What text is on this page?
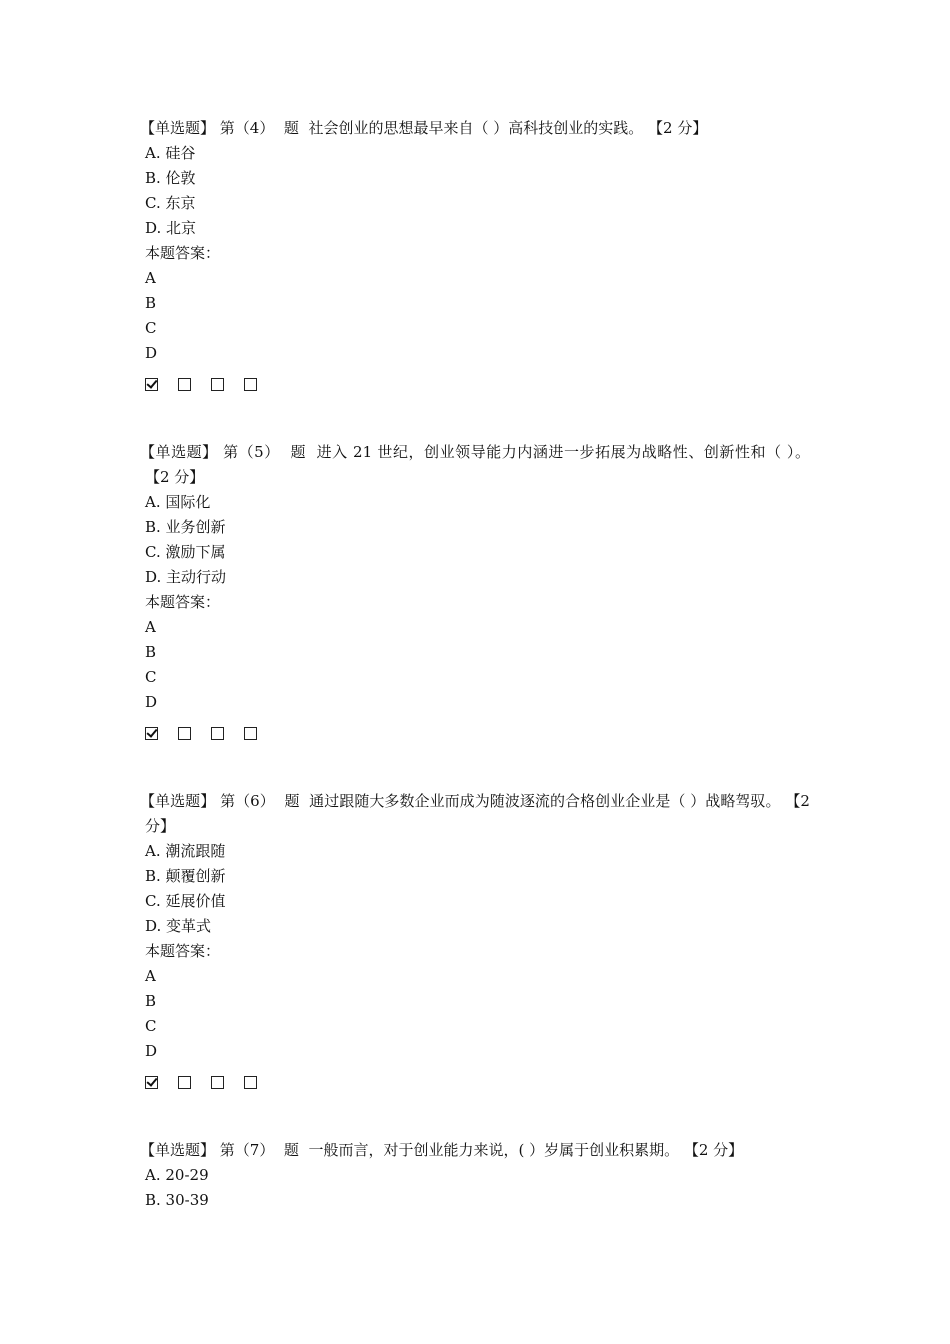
【单选题】 第（4） 题 社会创业的思想最早来自（ ）高科技创业的实践。 【2 分】

A. 硅谷
B. 伦敦
C. 东京
D. 北京
本题答案：
A
B
C
D

【单选题】 第（5） 题 进入 21 世纪，创业领导能力内涵进一步拓展为战略性、创新性和（ ）。 【2 分】

A. 国际化
B. 业务创新
C. 激励下属
D. 主动行动
本题答案：
A
B
C
D

【单选题】 第（6） 题 通过跟随大多数企业而成为随波逐流的合格创业企业是（ ）战略驾驭。 【2 分】

A. 潮流跟随
B. 颠覆创新
C. 延展价值
D. 变革式
本题答案：
A
B
C
D

【单选题】 第（7） 题 一般而言，对于创业能力来说，( ）岁属于创业积累期。 【2 分】

A. 20-29
B. 30-39
